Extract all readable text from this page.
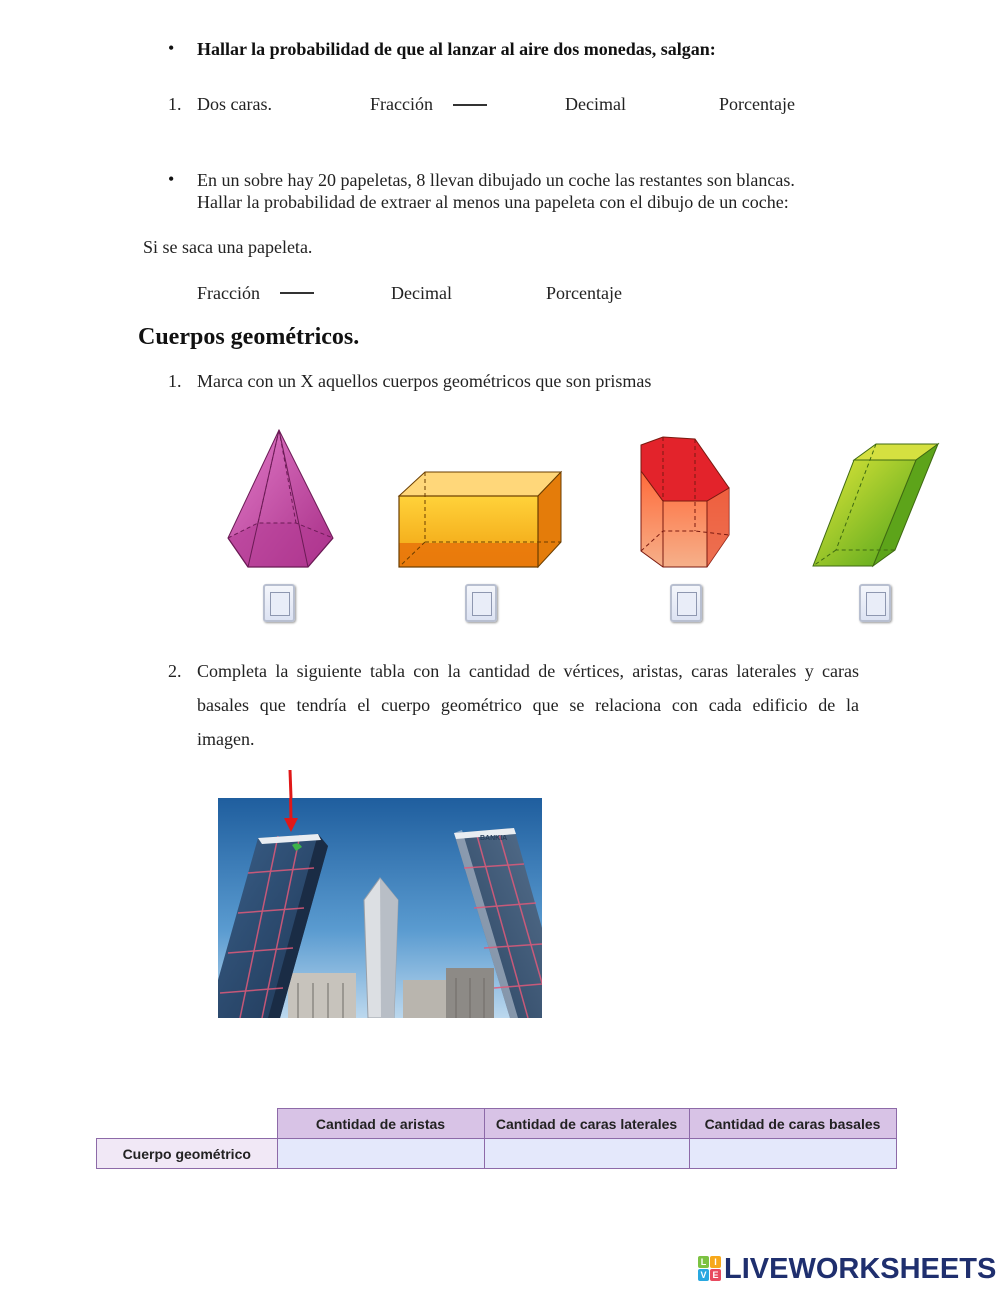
• Hallar la probabilidad de que al lanzar al aire dos monedas, salgan:
1. Dos caras.	Fracción	Decimal	Porcentaje
• En un sobre hay 20 papeletas, 8 llevan dibujado un coche las restantes son blancas.
Hallar la probabilidad de extraer al menos una papeleta con el dibujo de un coche:
Si se saca una papeleta.
Fracción	Decimal	Porcentaje
Cuerpos geométricos.
1. Marca con un X aquellos cuerpos geométricos que son prismas
2. Completa la siguiente tabla con la cantidad de vértices, aristas, caras laterales y caras
basales que tendría el cuerpo geométrico que se relaciona con cada edificio de la
imagen.
BANKIA
	Cantidad de aristas	Cantidad de caras laterales	Cantidad de caras basales
Cuerpo geométrico			
L I
V E LIVEWORKSHEETS
